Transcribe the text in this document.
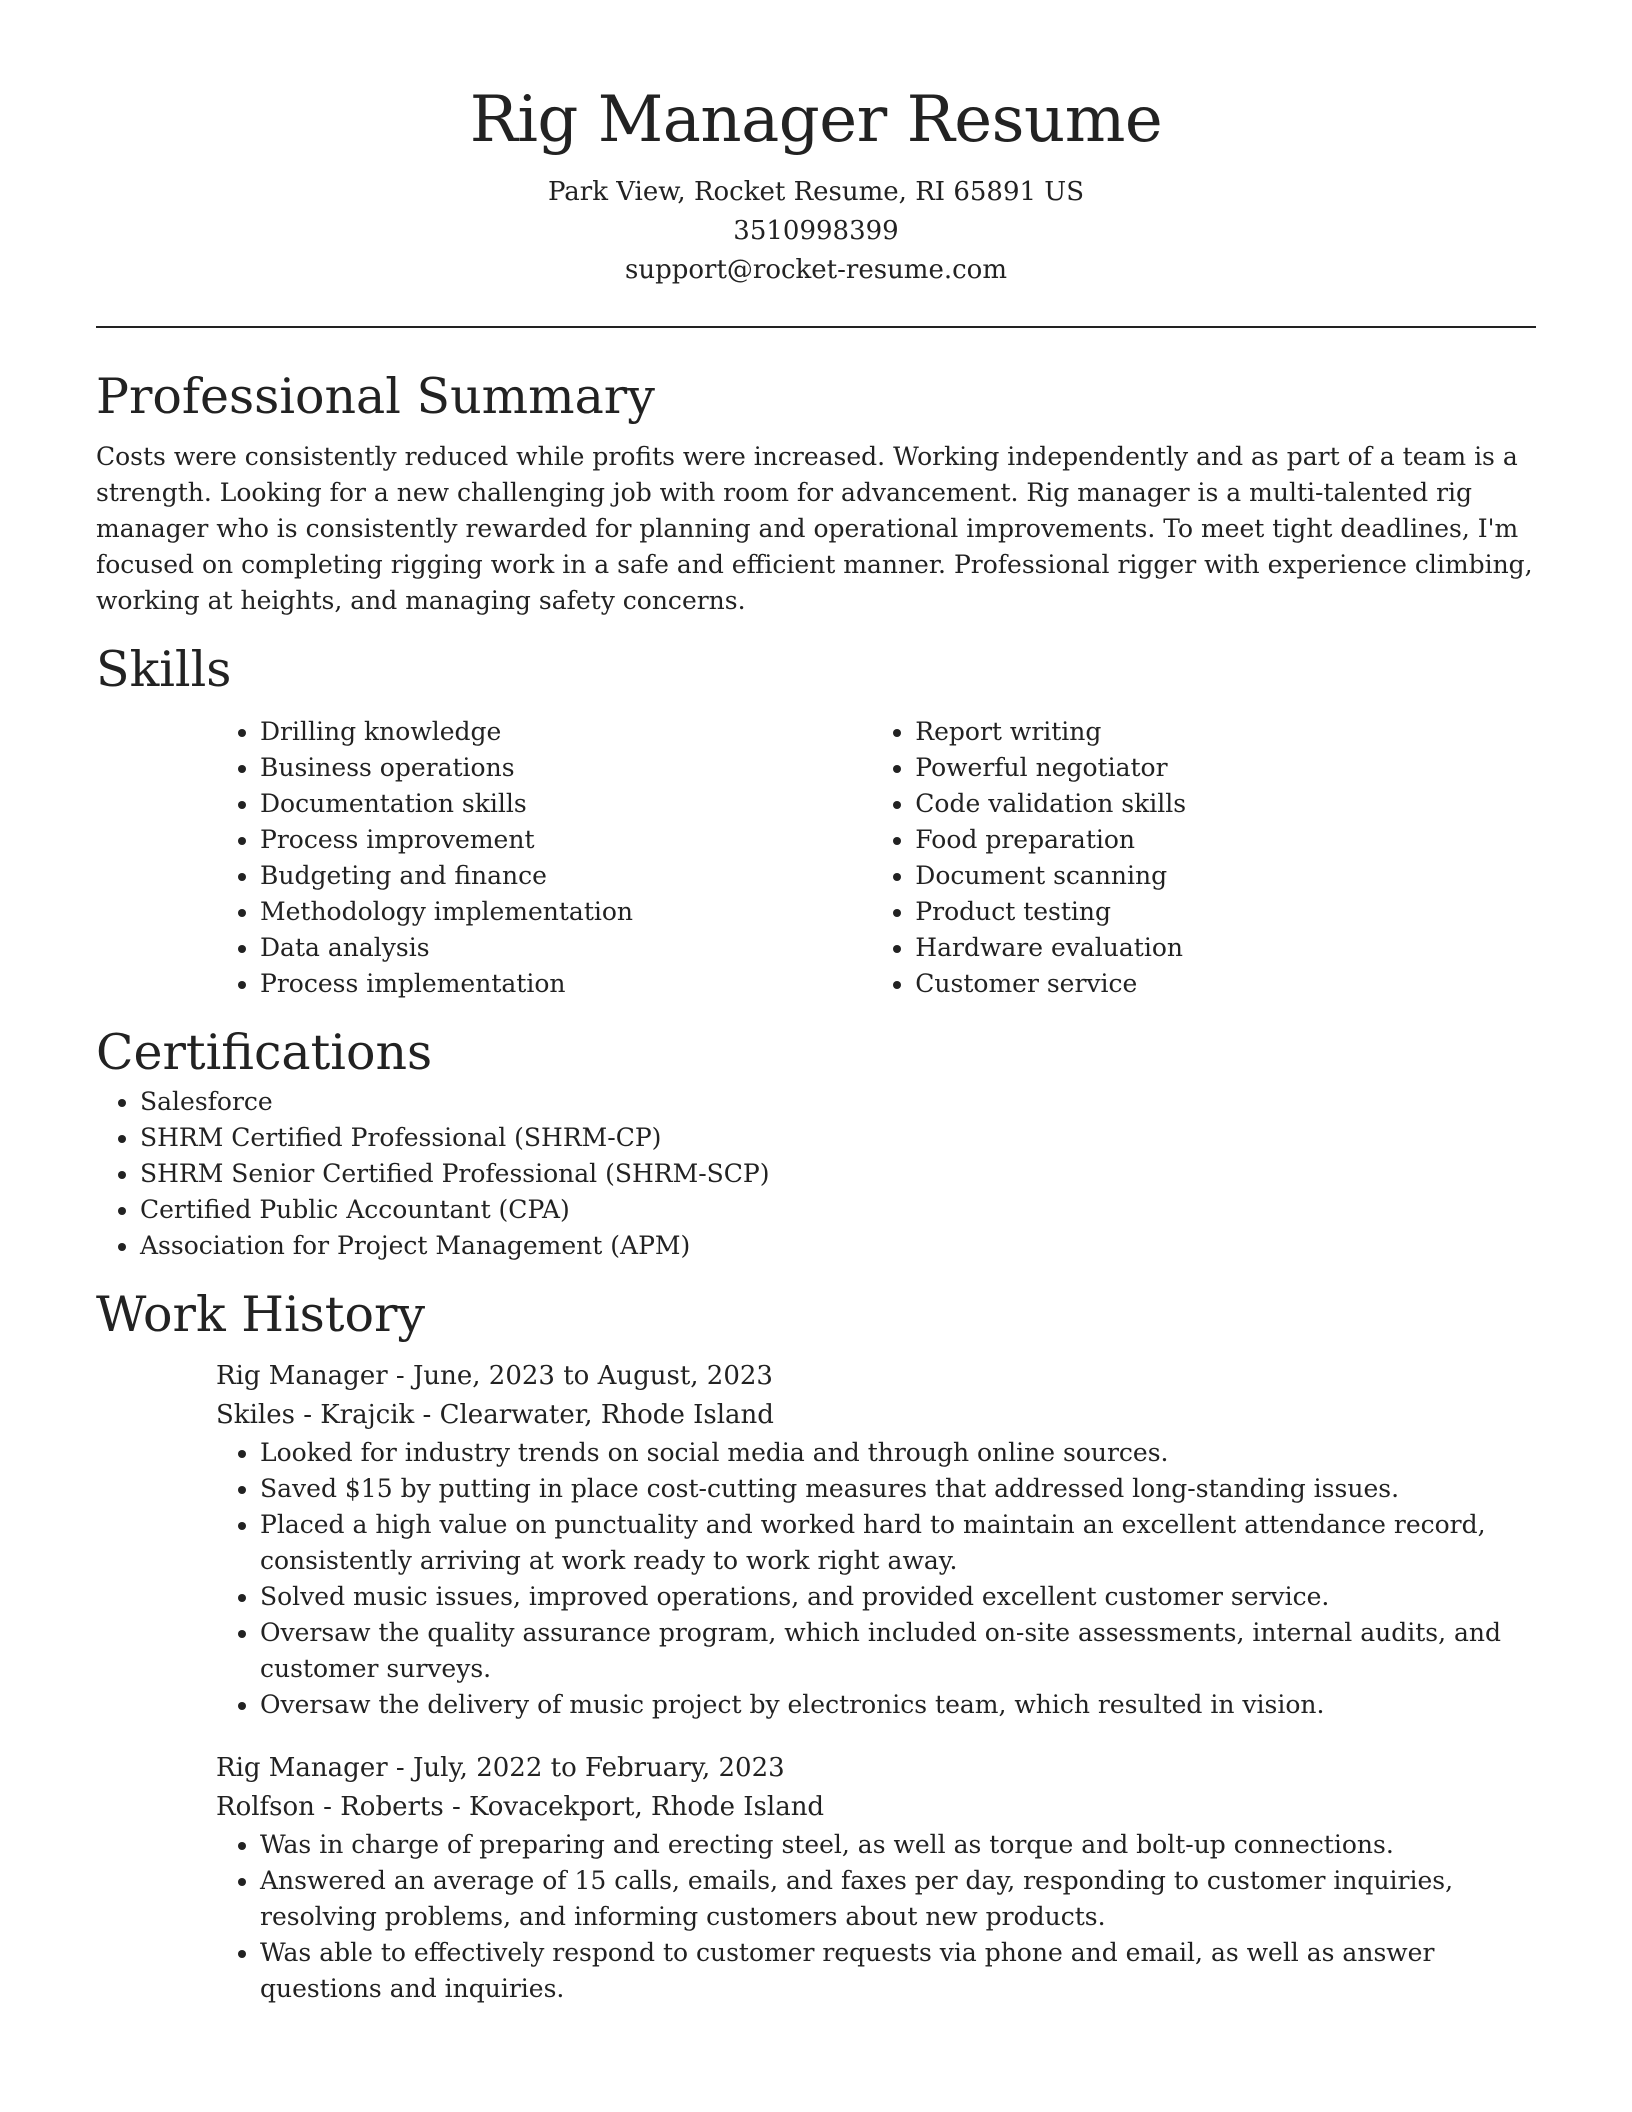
Rig Manager Resume

Park View, Rocket Resume, RI 65891 US

3510998399

support@rocket-resume.com

Professional Summary

Costs were consistently reduced while profits were increased. Working independently and as part of a team is a strength. Looking for a new challenging job with room for advancement. Rig manager is a multi-talented rig manager who is consistently rewarded for planning and operational improvements. To meet tight deadlines, I'm focused on completing rigging work in a safe and efficient manner. Professional rigger with experience climbing, working at heights, and managing safety concerns.

Skills
• Drilling knowledge
• Business operations
• Documentation skills
• Process improvement
• Budgeting and finance
• Methodology implementation
• Data analysis
• Process implementation
• Report writing
• Powerful negotiator
• Code validation skills
• Food preparation
• Document scanning
• Product testing
• Hardware evaluation
• Customer service
Certifications
• Salesforce
• SHRM Certified Professional (SHRM-CP)
• SHRM Senior Certified Professional (SHRM-SCP)
• Certified Public Accountant (CPA)
• Association for Project Management (APM)
Work History

Rig Manager - June, 2023 to August, 2023

Skiles - Krajcik - Clearwater, Rhode Island

• Looked for industry trends on social media and through online sources.
• Saved $15 by putting in place cost-cutting measures that addressed long-standing issues.
• Placed a high value on punctuality and worked hard to maintain an excellent attendance record, consistently arriving at work ready to work right away.
• Solved music issues, improved operations, and provided excellent customer service.
• Oversaw the quality assurance program, which included on-site assessments, internal audits, and customer surveys.
• Oversaw the delivery of music project by electronics team, which resulted in vision.

Rig Manager - July, 2022 to February, 2023

Rolfson - Roberts - Kovacekport, Rhode Island

• Was in charge of preparing and erecting steel, as well as torque and bolt-up connections.
• Answered an average of 15 calls, emails, and faxes per day, responding to customer inquiries, resolving problems, and informing customers about new products.
• Was able to effectively respond to customer requests via phone and email, as well as answer questions and inquiries.
